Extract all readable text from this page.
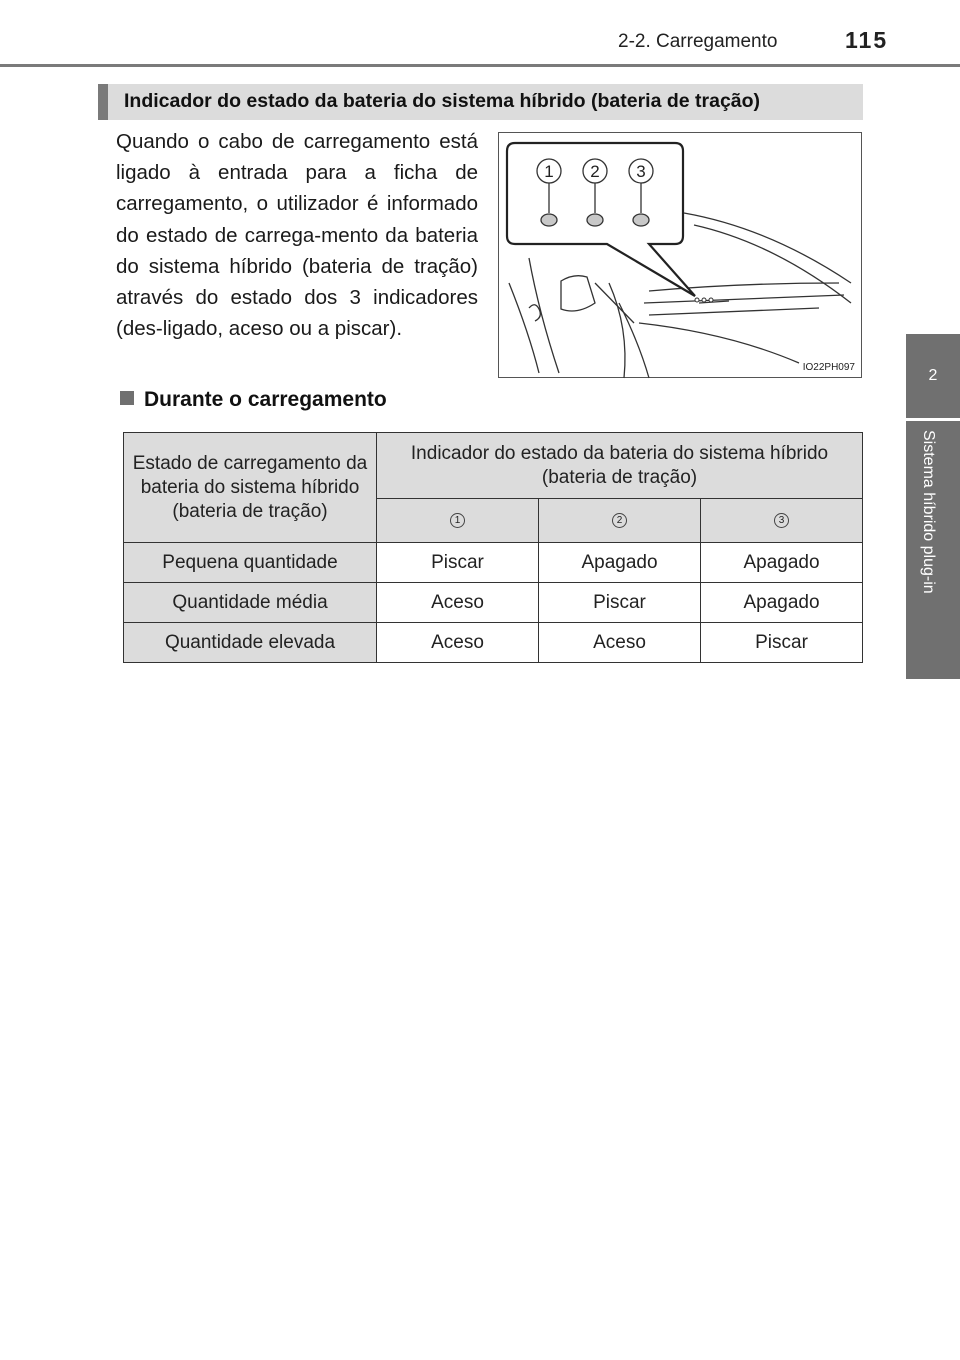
2-2. Carregamento	115
2
Sistema híbrido plug-in
Indicador do estado da bateria do sistema híbrido (bateria de tração)

Quando o cabo de carregamento está ligado à entrada para a ficha de carregamento, o utilizador é informado do estado de carrega-mento da bateria do sistema híbrido (bateria de tração) através do estado dos 3 indicadores (des-ligado, aceso ou a piscar).

1 2 3
IO22PH097
Durante o carregamento
Estado de carregamento da bateria do sistema híbrido (bateria de tração)	Indicador do estado da bateria do sistema híbrido (bateria de tração)		

	1	2	3
Pequena quantidade	Piscar	Apagado	Apagado
Quantidade média	Aceso	Piscar	Apagado
Quantidade elevada	Aceso	Aceso	Piscar
